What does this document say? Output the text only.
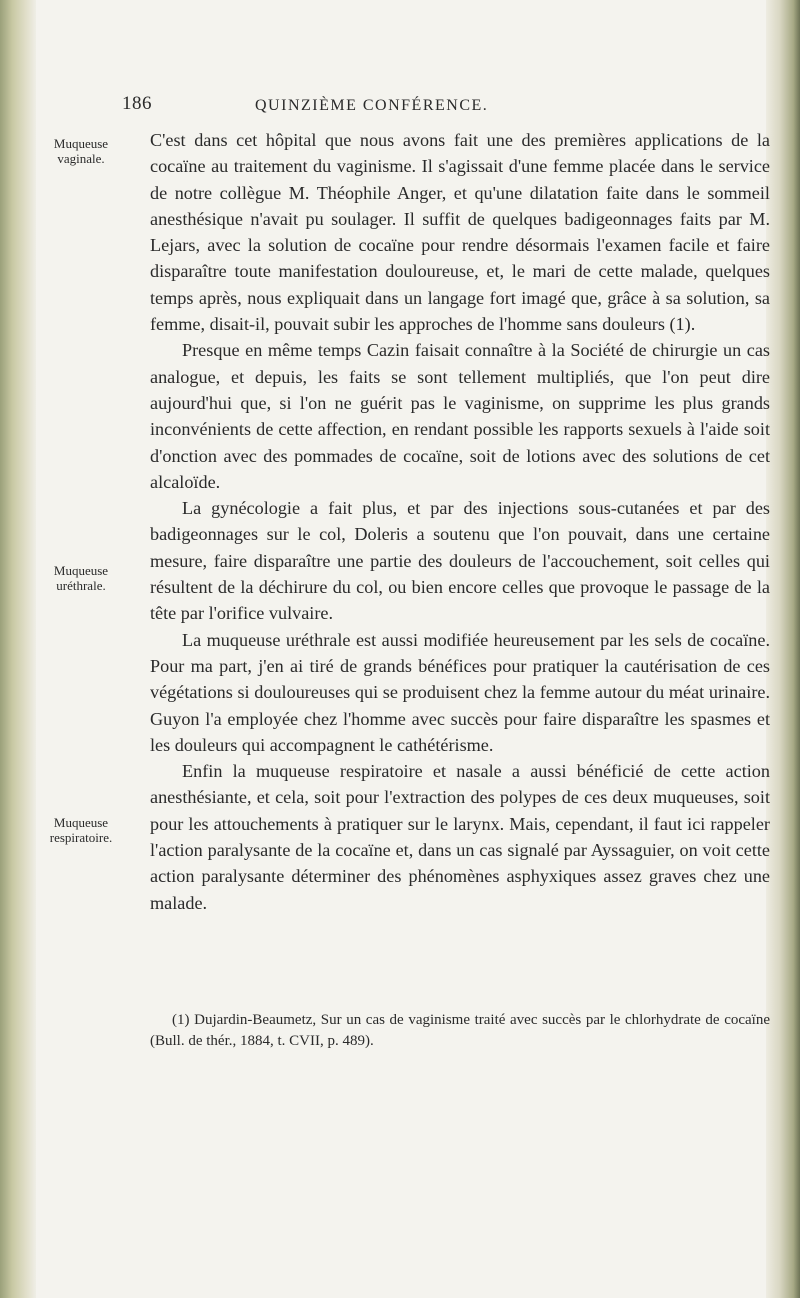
186	QUINZIÈME CONFÉRENCE.
Muqueuse vaginale.
Muqueuse uréthrale.
Muqueuse respiratoire.

C'est dans cet hôpital que nous avons fait une des premières applications de la cocaïne au traitement du vaginisme. Il s'agissait d'une femme placée dans le service de notre collègue M. Théophile Anger, et qu'une dilatation faite dans le sommeil anesthésique n'avait pu soulager. Il suffit de quelques badigeonnages faits par M. Lejars, avec la solution de cocaïne pour rendre désormais l'examen facile et faire disparaître toute manifestation douloureuse, et, le mari de cette malade, quelques temps après, nous expliquait dans un langage fort imagé que, grâce à sa solution, sa femme, disait-il, pouvait subir les approches de l'homme sans douleurs (1).

Presque en même temps Cazin faisait connaître à la Société de chirurgie un cas analogue, et depuis, les faits se sont tellement multipliés, que l'on peut dire aujourd'hui que, si l'on ne guérit pas le vaginisme, on supprime les plus grands inconvénients de cette affection, en rendant possible les rapports sexuels à l'aide soit d'onction avec des pommades de cocaïne, soit de lotions avec des solutions de cet alcaloïde.

La gynécologie a fait plus, et par des injections sous-cutanées et par des badigeonnages sur le col, Doleris a soutenu que l'on pouvait, dans une certaine mesure, faire disparaître une partie des douleurs de l'accouchement, soit celles qui résultent de la déchirure du col, ou bien encore celles que provoque le passage de la tête par l'orifice vulvaire.

La muqueuse uréthrale est aussi modifiée heureusement par les sels de cocaïne. Pour ma part, j'en ai tiré de grands bénéfices pour pratiquer la cautérisation de ces végétations si douloureuses qui se produisent chez la femme autour du méat urinaire. Guyon l'a employée chez l'homme avec succès pour faire disparaître les spasmes et les douleurs qui accompagnent le cathétérisme.

Enfin la muqueuse respiratoire et nasale a aussi bénéficié de cette action anesthésiante, et cela, soit pour l'extraction des polypes de ces deux muqueuses, soit pour les attouchements à pratiquer sur le larynx. Mais, cependant, il faut ici rappeler l'action paralysante de la cocaïne et, dans un cas signalé par Ayssaguier, on voit cette action paralysante déterminer des phénomènes asphyxiques assez graves chez une malade.

(1) Dujardin-Beaumetz, Sur un cas de vaginisme traité avec succès par le chlorhydrate de cocaïne (Bull. de thér., 1884, t. CVII, p. 489).
